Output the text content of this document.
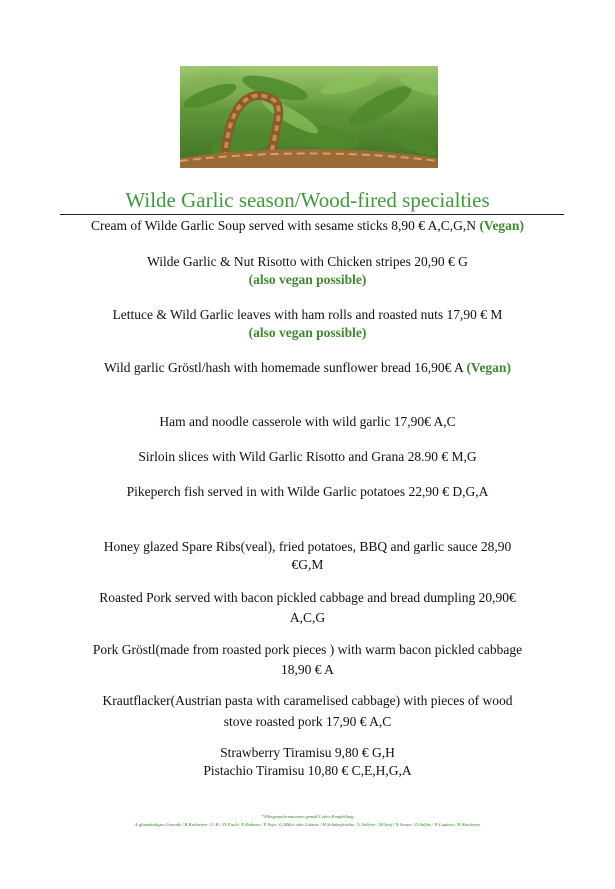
Wilde Garlic season/Wood-fired specialties
Cream of Wilde Garlic Soup served with sesame sticks 8,90 € A,C,G,N (Vegan)
Wilde Garlic & Nut Risotto with Chicken stripes 20,90 € G
(also vegan possible)
Lettuce & Wild Garlic leaves with ham rolls and roasted nuts 17,90 € M
(also vegan possible)
Wild garlic Gröstl/hash with homemade sunflower bread 16,90€ A (Vegan)
Ham and noodle casserole with wild garlic 17,90€ A,C
Sirloin slices with Wild Garlic Risotto and Grana 28.90 € M,G
Pikeperch fish served in with Wilde Garlic potatoes 22,90 € D,G,A
Honey glazed Spare Ribs(veal), fried potatoes, BBQ and garlic sauce 28,90
€G,M
Roasted Pork served with bacon pickled cabbage and bread dumpling 20,90€
A,C,G
Pork Gröstl(made from roasted pork pieces ) with warm bacon pickled cabbage
18,90 € A
Krautflacker(Austrian pasta with caramelised cabbage) with pieces of wood
stove roasted pork 17,90 € A,C
Strawberry Tiramisu 9,80 € G,H
Pistachio Tiramisu 10,80 € C,E,H,G,A
*Allergeninformationen gemäß Codex-Empfehlung
A:glutenhaltiges Getreide / B:Krebstiere / C:Ei / D:Fisch / E:Erdnuss / F:Soja / G:Milch oder Laktose / H:Schalenfrüchte / L:Sellerie / M:Senf / N:Sesam / O:Sulfite / P:Lupinen / R:Weichtiere
